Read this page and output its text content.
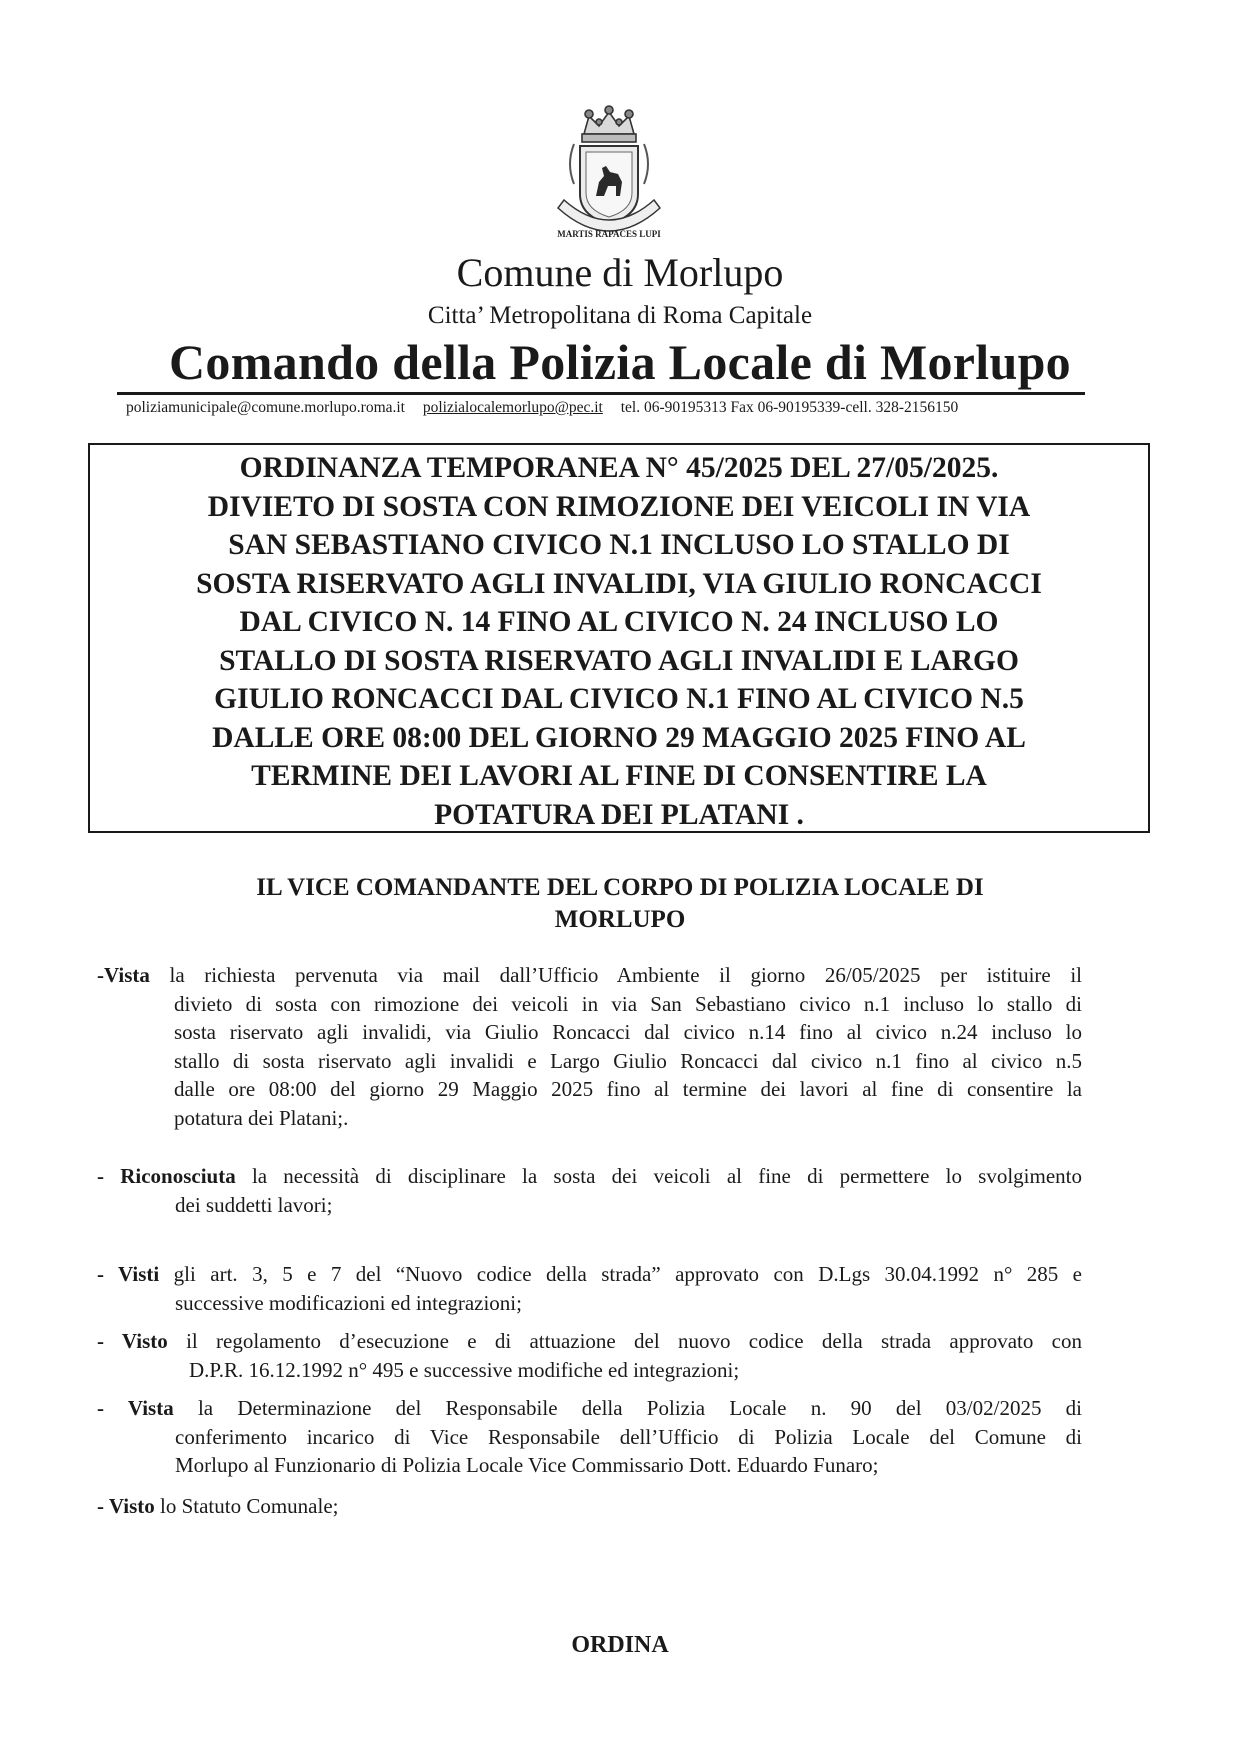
MARTIS RAPACES LUPI
Comune di Morlupo
Citta’ Metropolitana di Roma Capitale
Comando della Polizia Locale di Morlupo
poliziamunicipale@comune.morlupo.roma.it polizialocalemorlupo@pec.it tel. 06-90195313 Fax 06-90195339-cell. 328-2156150
ORDINANZA TEMPORANEA N° 45/2025 DEL 27/05/2025.
DIVIETO DI SOSTA CON RIMOZIONE DEI VEICOLI IN VIA
SAN SEBASTIANO CIVICO N.1 INCLUSO LO STALLO DI
SOSTA RISERVATO AGLI INVALIDI, VIA GIULIO RONCACCI
DAL CIVICO N. 14 FINO AL CIVICO N. 24 INCLUSO LO
STALLO DI SOSTA RISERVATO AGLI INVALIDI E LARGO
GIULIO RONCACCI DAL CIVICO N.1 FINO AL CIVICO N.5
DALLE ORE 08:00 DEL GIORNO 29 MAGGIO 2025 FINO AL
TERMINE DEI LAVORI AL FINE DI CONSENTIRE LA
POTATURA DEI PLATANI .
IL VICE COMANDANTE DEL CORPO DI POLIZIA LOCALE DI
MORLUPO
-Vista la richiesta pervenuta via mail dall’Ufficio Ambiente il giorno 26/05/2025 per istituire il
divieto di sosta con rimozione dei veicoli in via San Sebastiano civico n.1 incluso lo stallo di
sosta riservato agli invalidi, via Giulio Roncacci dal civico n.14 fino al civico n.24 incluso lo
stallo di sosta riservato agli invalidi e Largo Giulio Roncacci dal civico n.1 fino al civico n.5
dalle ore 08:00 del giorno 29 Maggio 2025 fino al termine dei lavori al fine di consentire la
potatura dei Platani;.
- Riconosciuta la necessità di disciplinare la sosta dei veicoli al fine di permettere lo svolgimento
dei suddetti lavori;
- Visti gli art. 3, 5 e 7 del “Nuovo codice della strada” approvato con D.Lgs 30.04.1992 n° 285 e
successive modificazioni ed integrazioni;
- Visto il regolamento d’esecuzione e di attuazione del nuovo codice della strada approvato con
D.P.R. 16.12.1992 n° 495 e successive modifiche ed integrazioni;
- Vista la Determinazione del Responsabile della Polizia Locale n. 90 del 03/02/2025 di
conferimento incarico di Vice Responsabile dell’Ufficio di Polizia Locale del Comune di
Morlupo al Funzionario di Polizia Locale Vice Commissario Dott. Eduardo Funaro;
- Visto lo Statuto Comunale;
ORDINA
